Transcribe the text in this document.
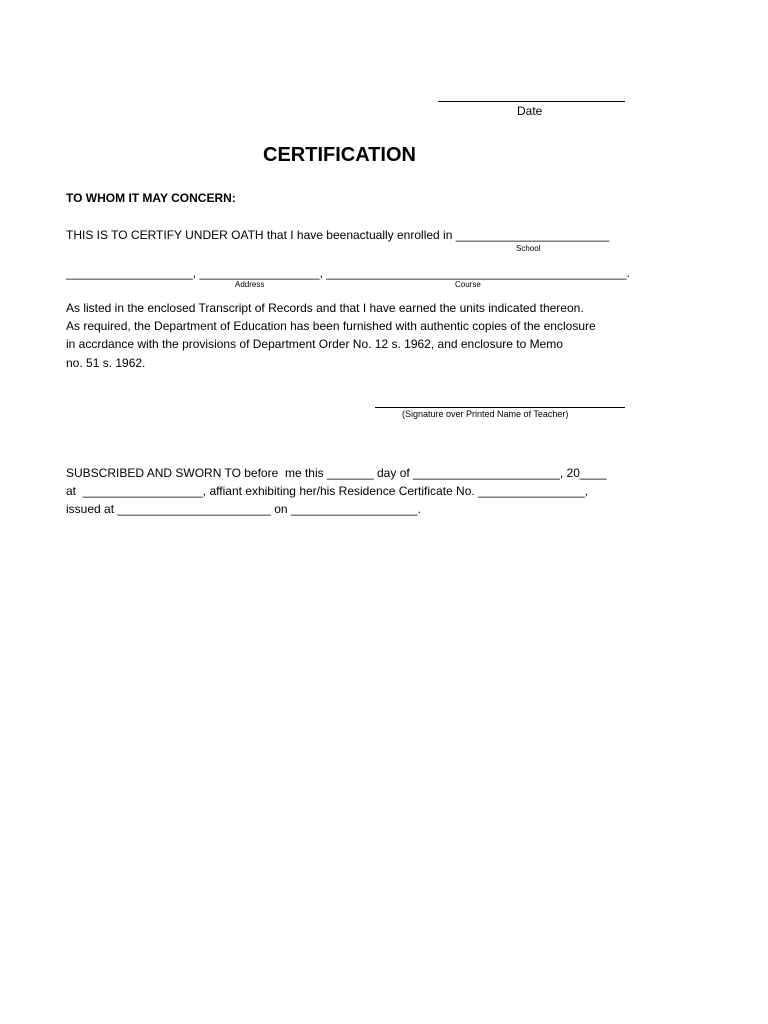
Date
CERTIFICATION
TO WHOM IT MAY CONCERN:
THIS IS TO CERTIFY UNDER OATH that I have beenactually enrolled in _______________________
School
___________________, __________________, _____________________________________________.
Address	Course
As listed in the enclosed Transcript of Records and that I have earned the units indicated thereon.
As required, the Department of Education has been furnished with authentic copies of the enclosure
in accrdance with the provisions of Department Order No. 12 s. 1962, and enclosure to Memo
no. 51 s. 1962.
(Signature over Printed Name of Teacher)
SUBSCRIBED AND SWORN TO before  me this _______ day of ______________________, 20____
at  __________________, affiant exhibiting her/his Residence Certificate No. ________________,
issued at _______________________ on ___________________.
